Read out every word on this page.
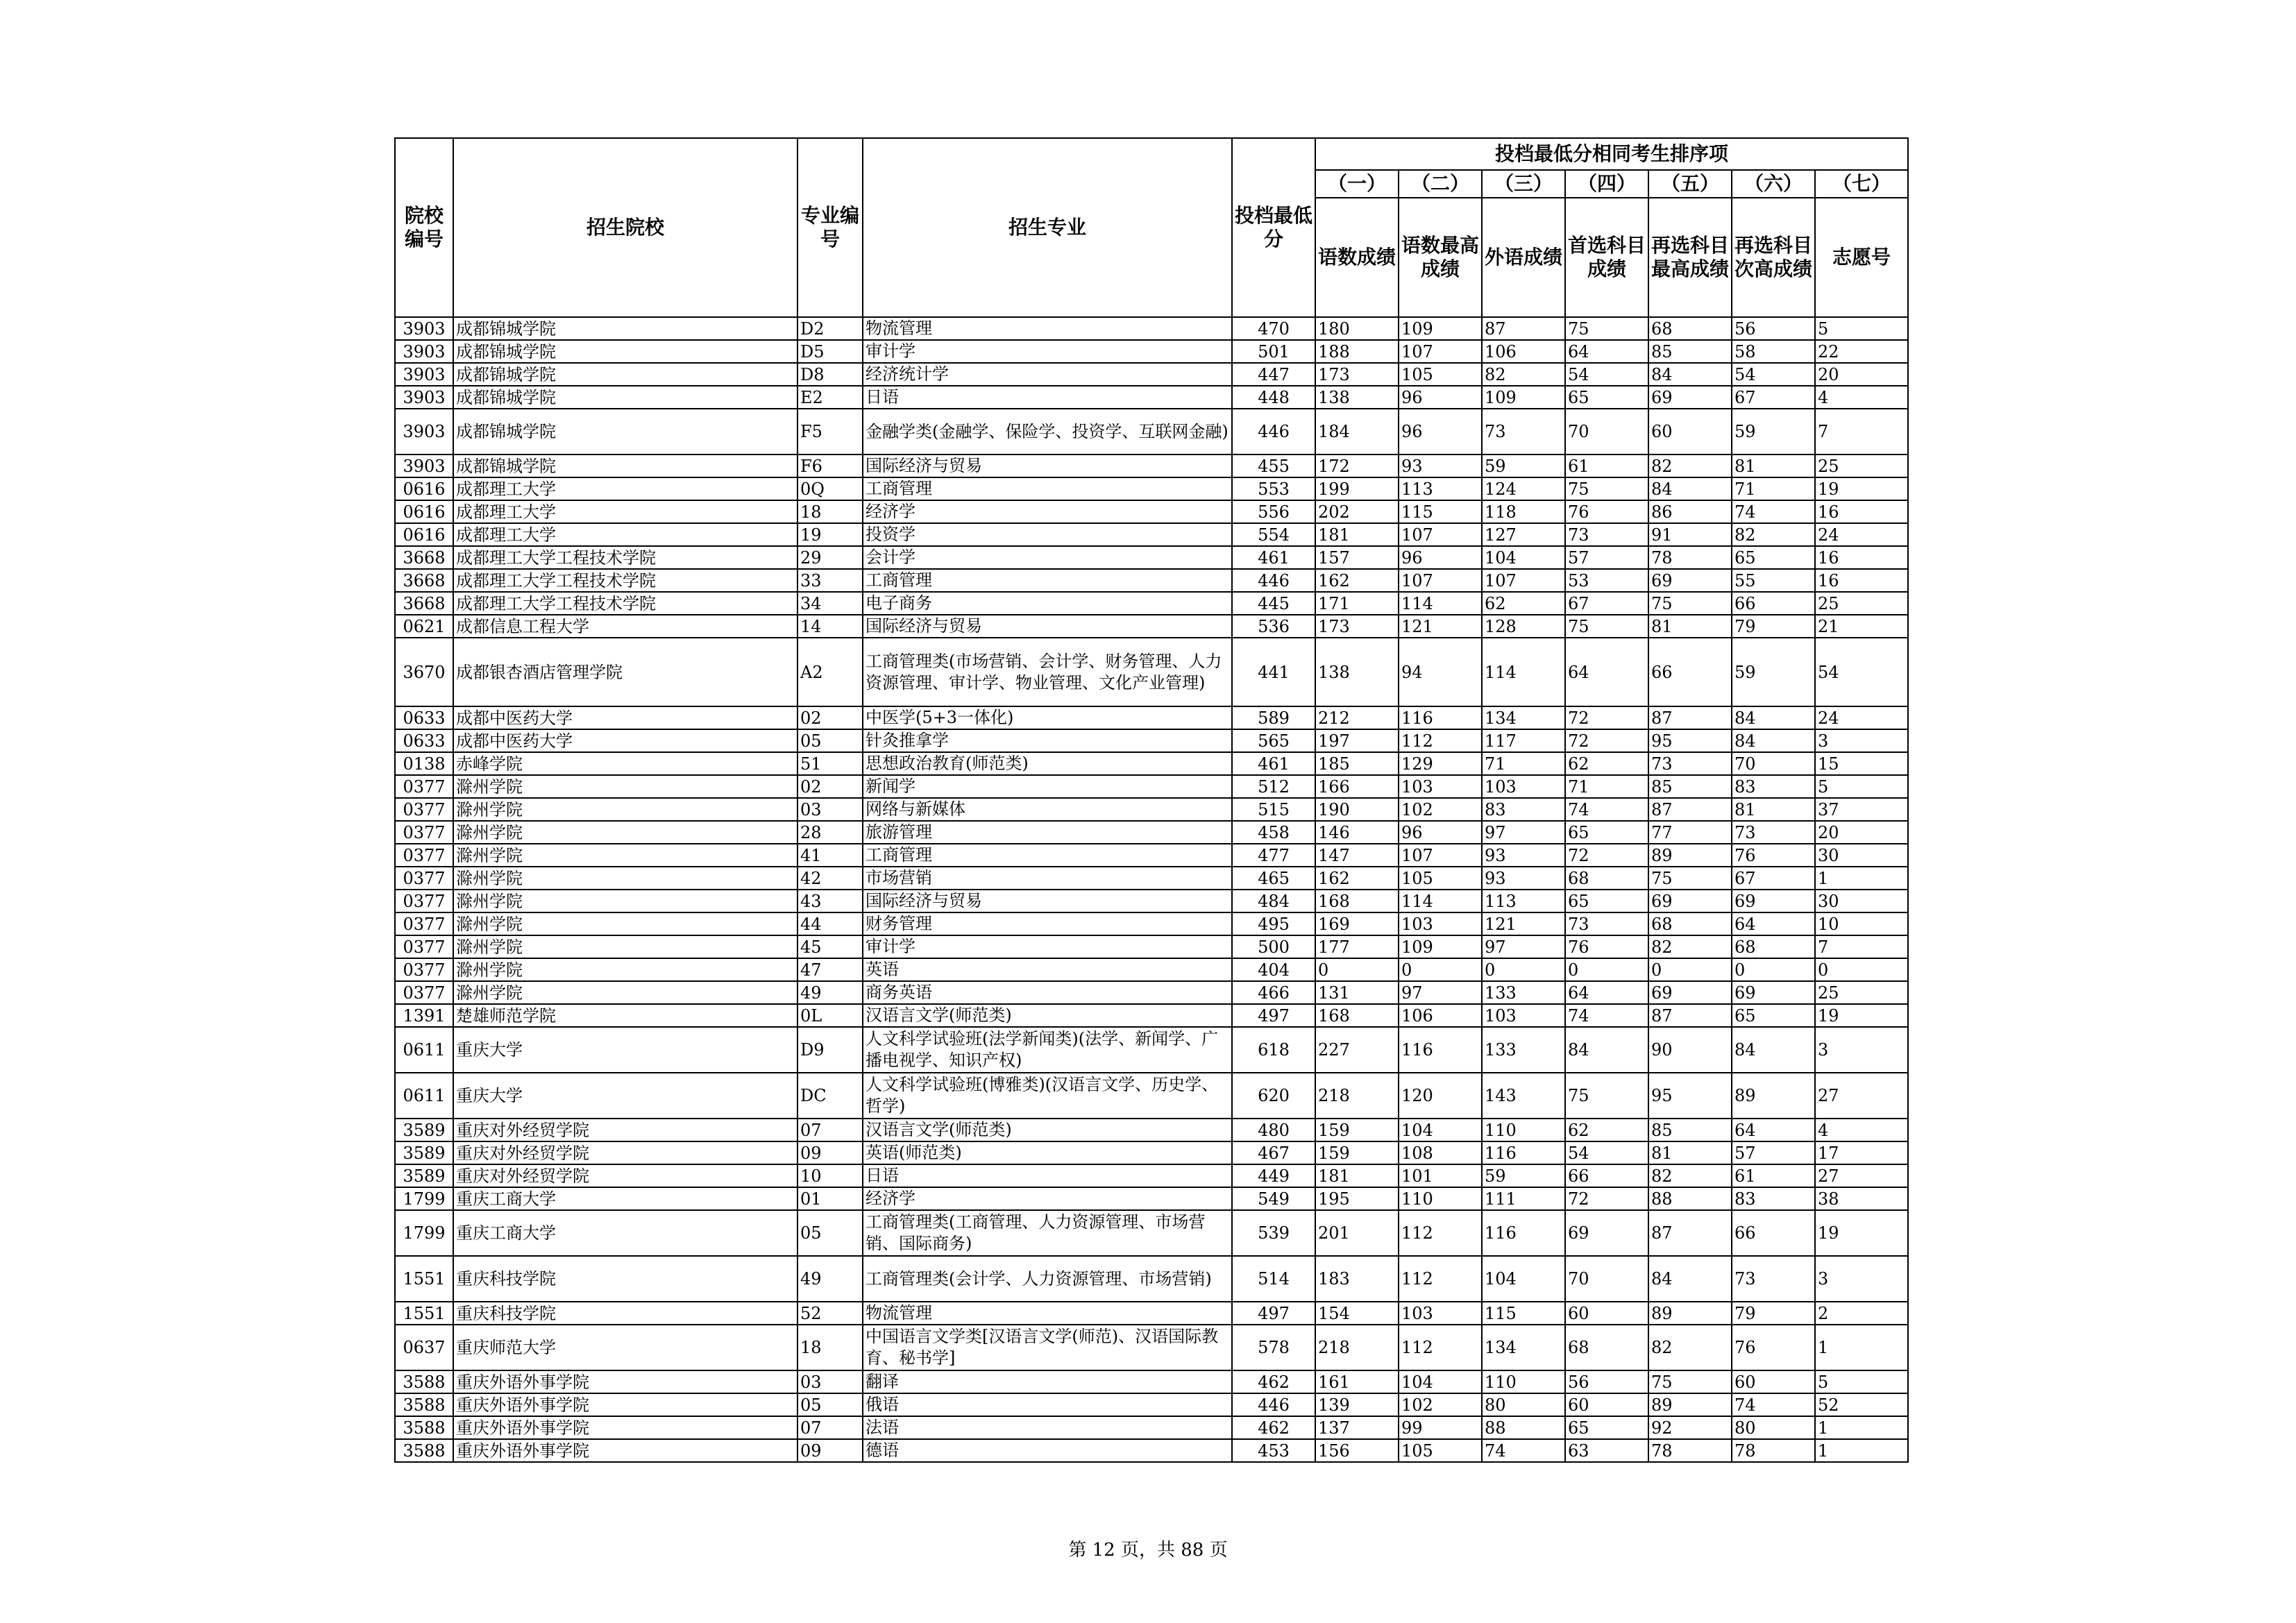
院校编号	招生院校	专业编号	招生专业	投档最低分	投档最低分相同考生排序项						
					（一）	（二）	（三）	（四）	（五）	（六）	（七）
					语数成绩	语数最高成绩	外语成绩	首选科目成绩	再选科目最高成绩	再选科目次高成绩	志愿号
3903	成都锦城学院	D2	物流管理	470	180	109	87	75	68	56	5
3903	成都锦城学院	D5	审计学	501	188	107	106	64	85	58	22
3903	成都锦城学院	D8	经济统计学	447	173	105	82	54	84	54	20
3903	成都锦城学院	E2	日语	448	138	96	109	65	69	67	4
3903	成都锦城学院	F5	金融学类(金融学、保险学、投资学、互联网金融)	446	184	96	73	70	60	59	7
3903	成都锦城学院	F6	国际经济与贸易	455	172	93	59	61	82	81	25
0616	成都理工大学	0Q	工商管理	553	199	113	124	75	84	71	19
0616	成都理工大学	18	经济学	556	202	115	118	76	86	74	16
0616	成都理工大学	19	投资学	554	181	107	127	73	91	82	24
3668	成都理工大学工程技术学院	29	会计学	461	157	96	104	57	78	65	16
3668	成都理工大学工程技术学院	33	工商管理	446	162	107	107	53	69	55	16
3668	成都理工大学工程技术学院	34	电子商务	445	171	114	62	67	75	66	25
0621	成都信息工程大学	14	国际经济与贸易	536	173	121	128	75	81	79	21
3670	成都银杏酒店管理学院	A2	工商管理类(市场营销、会计学、财务管理、人力资源管理、审计学、物业管理、文化产业管理)	441	138	94	114	64	66	59	54
0633	成都中医药大学	02	中医学(5+3一体化)	589	212	116	134	72	87	84	24
0633	成都中医药大学	05	针灸推拿学	565	197	112	117	72	95	84	3
0138	赤峰学院	51	思想政治教育(师范类)	461	185	129	71	62	73	70	15
0377	滁州学院	02	新闻学	512	166	103	103	71	85	83	5
0377	滁州学院	03	网络与新媒体	515	190	102	83	74	87	81	37
0377	滁州学院	28	旅游管理	458	146	96	97	65	77	73	20
0377	滁州学院	41	工商管理	477	147	107	93	72	89	76	30
0377	滁州学院	42	市场营销	465	162	105	93	68	75	67	1
0377	滁州学院	43	国际经济与贸易	484	168	114	113	65	69	69	30
0377	滁州学院	44	财务管理	495	169	103	121	73	68	64	10
0377	滁州学院	45	审计学	500	177	109	97	76	82	68	7
0377	滁州学院	47	英语	404	0	0	0	0	0	0	0
0377	滁州学院	49	商务英语	466	131	97	133	64	69	69	25
1391	楚雄师范学院	0L	汉语言文学(师范类)	497	168	106	103	74	87	65	19
0611	重庆大学	D9	人文科学试验班(法学新闻类)(法学、新闻学、广播电视学、知识产权)	618	227	116	133	84	90	84	3
0611	重庆大学	DC	人文科学试验班(博雅类)(汉语言文学、历史学、哲学)	620	218	120	143	75	95	89	27
3589	重庆对外经贸学院	07	汉语言文学(师范类)	480	159	104	110	62	85	64	4
3589	重庆对外经贸学院	09	英语(师范类)	467	159	108	116	54	81	57	17
3589	重庆对外经贸学院	10	日语	449	181	101	59	66	82	61	27
1799	重庆工商大学	01	经济学	549	195	110	111	72	88	83	38
1799	重庆工商大学	05	工商管理类(工商管理、人力资源管理、市场营销、国际商务)	539	201	112	116	69	87	66	19
1551	重庆科技学院	49	工商管理类(会计学、人力资源管理、市场营销)	514	183	112	104	70	84	73	3
1551	重庆科技学院	52	物流管理	497	154	103	115	60	89	79	2
0637	重庆师范大学	18	中国语言文学类[汉语言文学(师范)、汉语国际教育、秘书学]	578	218	112	134	68	82	76	1
3588	重庆外语外事学院	03	翻译	462	161	104	110	56	75	60	5
3588	重庆外语外事学院	05	俄语	446	139	102	80	60	89	74	52
3588	重庆外语外事学院	07	法语	462	137	99	88	65	92	80	1
3588	重庆外语外事学院	09	德语	453	156	105	74	63	78	78	1
第 12 页，共 88 页
